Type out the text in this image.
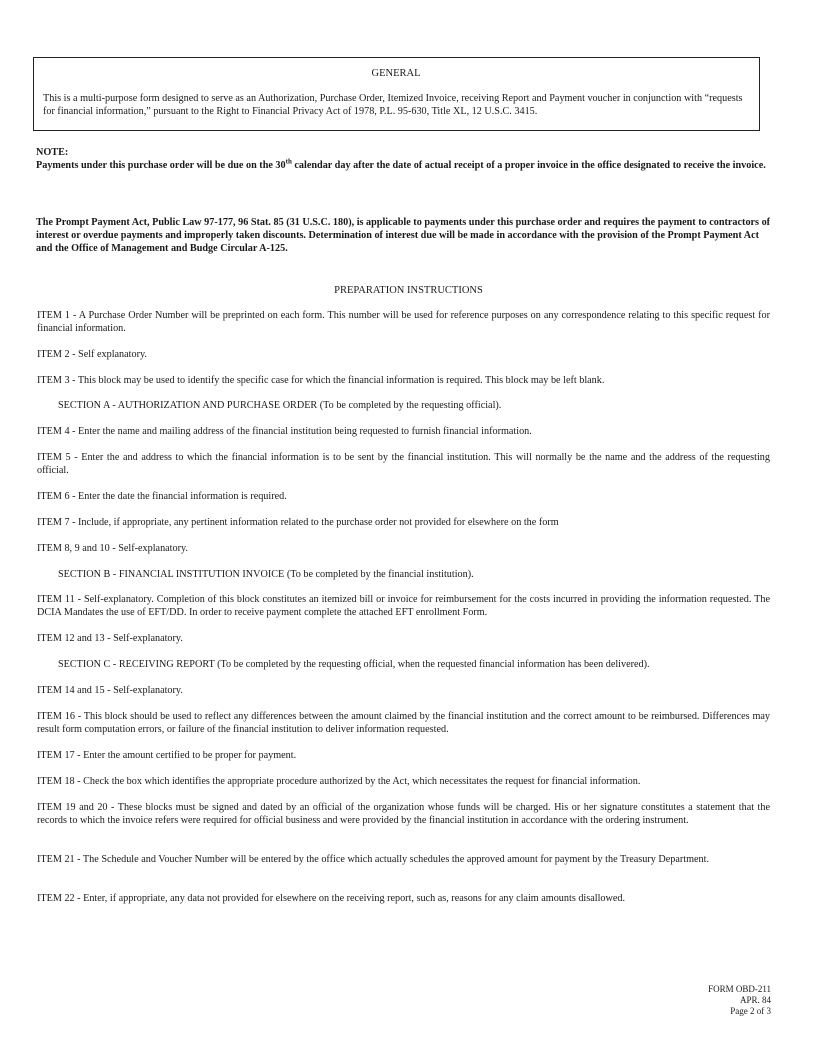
GENERAL
This is a multi-purpose form designed to serve as an Authorization, Purchase Order, Itemized Invoice, receiving Report and Payment voucher in conjunction with “requests for financial information,” pursuant to the Right to Financial Privacy Act of 1978, P.L. 95-630, Title XL, 12 U.S.C. 3415.
NOTE:
Payments under this purchase order will be due on the 30th calendar day after the date of actual receipt of a proper invoice in the office designated to receive the invoice.
The Prompt Payment Act, Public Law 97-177, 96 Stat. 85 (31 U.S.C. 180), is applicable to payments under this purchase order and requires the payment to contractors of interest or overdue payments and improperly taken discounts. Determination of interest due will be made in accordance with the provision of the Prompt Payment Act and the Office of Management and Budge Circular A-125.
PREPARATION INSTRUCTIONS
ITEM 1 - A Purchase Order Number will be preprinted on each form. This number will be used for reference purposes on any correspondence relating to this specific request for financial information.
ITEM 2 - Self explanatory.
ITEM 3 - This block may be used to identify the specific case for which the financial information is required. This block may be left blank.
SECTION A - AUTHORIZATION AND PURCHASE ORDER (To be completed by the requesting official).
ITEM 4 - Enter the name and mailing address of the financial institution being requested to furnish financial information.
ITEM 5 - Enter the and address to which the financial information is to be sent by the financial institution. This will normally be the name and the address of the requesting official.
ITEM 6 - Enter the date the financial information is required.
ITEM 7 - Include, if appropriate, any pertinent information related to the purchase order not provided for elsewhere on the form
ITEM 8, 9 and 10 - Self-explanatory.
SECTION B - FINANCIAL INSTITUTION INVOICE (To be completed by the financial institution).
ITEM 11 - Self-explanatory. Completion of this block constitutes an itemized bill or invoice for reimbursement for the costs incurred in providing the information requested. The DCIA Mandates the use of EFT/DD. In order to receive payment complete the attached EFT enrollment Form.
ITEM 12 and 13 - Self-explanatory.
SECTION C - RECEIVING REPORT (To be completed by the requesting official, when the requested financial information has been delivered).
ITEM 14 and 15 - Self-explanatory.
ITEM 16 - This block should be used to reflect any differences between the amount claimed by the financial institution and the correct amount to be reimbursed. Differences may result form computation errors, or failure of the financial institution to deliver information requested.
ITEM 17 - Enter the amount certified to be proper for payment.
ITEM 18 - Check the box which identifies the appropriate procedure authorized by the Act, which necessitates the request for financial information.
ITEM 19 and 20 - These blocks must be signed and dated by an official of the organization whose funds will be charged. His or her signature constitutes a statement that the records to which the invoice refers were required for official business and were provided by the financial institution in accordance with the ordering instrument.
ITEM 21 - The Schedule and Voucher Number will be entered by the office which actually schedules the approved amount for payment by the Treasury Department.
ITEM 22 - Enter, if appropriate, any data not provided for elsewhere on the receiving report, such as, reasons for any claim amounts disallowed.
FORM OBD-211
APR. 84
Page 2 of 3
